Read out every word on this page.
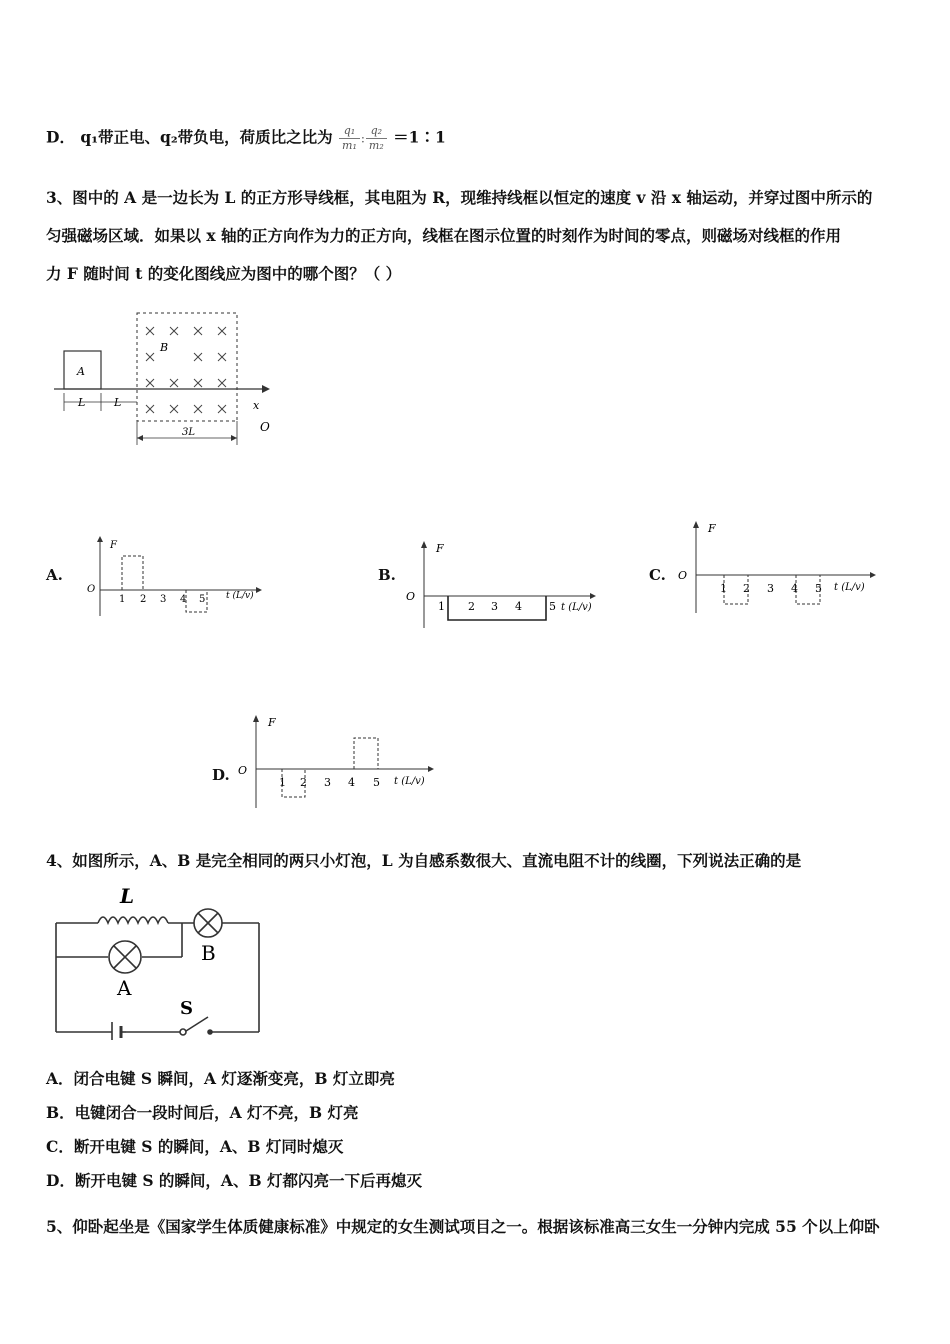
D． q₁带正电、q₂带负电，荷质比之比为 $\frac{\text{q₁}}{\text{m₁}}$ : $\frac{\text{q₂}}{\text{m₂}}$ ＝1∶1
3、图中的 A 是一边长为 L 的正方形导线框，其电阻为 R，现维持线框以恒定的速度 v 沿 x 轴运动，并穿过图中所示的
匀强磁场区域．如果以 x 轴的正方向作为力的正方向，线框在图示位置的时刻作为时间的零点，则磁场对线框的作用
力 F 随时间 t 的变化图线应为图中的哪个图？（ ）
A
x
O
B
L	L
3L
A.
F
O
t (L/v)
1 2 3 4 5
B.
F
O
t (L/v)
1 2 3 4 5
C.
F
O
t (L/v)
1 2 3 4 5
D.
F
O
t (L/v)
1 2 3 4 5
4、如图所示，A、B 是完全相同的两只小灯泡，L 为自感系数很大、直流电阻不计的线圈，下列说法正确的是
L
A
B
S
A．闭合电键 S 瞬间，A 灯逐渐变亮，B 灯立即亮
B．电键闭合一段时间后，A 灯不亮，B 灯亮
C．断开电键 S 的瞬间，A、B 灯同时熄灭
D．断开电键 S 的瞬间，A、B 灯都闪亮一下后再熄灭
5、仰卧起坐是《国家学生体质健康标准》中规定的女生测试项目之一。根据该标准高三女生一分钟内完成 55 个以上仰卧
